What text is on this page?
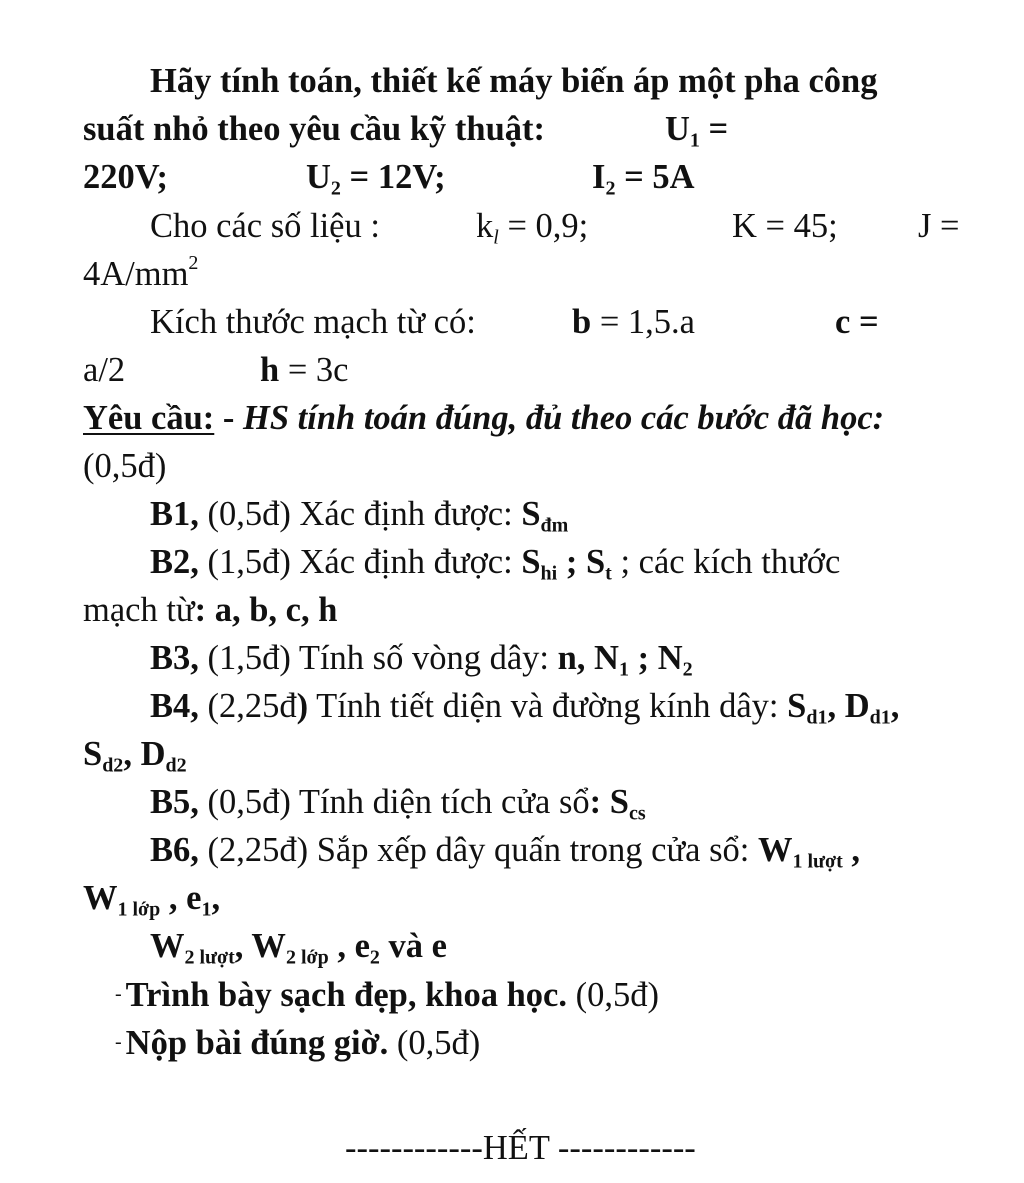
Hãy tính toán, thiết kế máy biến áp một pha công
suất nhỏ theo yêu cầu kỹ thuật:	$U_1$ =
220V;	$U_2 = 12V$;	$I_2 = 5A$
Cho các số liệu :	$k_l = 0,9$;	K = 45; J =
$4A/mm^2$
Kích thước mạch từ có:	b = 1,5.a	c =
a/2	h = 3c
Yêu cầu: - HS tính toán đúng, đủ theo các bước đã học:
(0,5đ)
B1, (0,5đ) Xác định được: $S_{đm}$
B2, (1,5đ) Xác định được: $S_{hi}$ ; $S_t$ ; các kích thước
mạch từ: a, b, c, h
B3, (1,5đ) Tính số vòng dây: n, $N_1$ ; $N_2$
B4, (2,25đ) Tính tiết diện và đường kính dây: $S_{d1}$, $D_{d1}$,
$S_{d2}$, $D_{d2}$
B5, (0,5đ) Tính diện tích cửa sổ: $S_{cs}$
B6, (2,25đ) Sắp xếp dây quấn trong cửa sổ: $W_{1 lượt}$ ,
$W_{1 lớp}$ , $e_1$,
$W_{2 lượt}$, $W_{2 lớp}$ , $e_2$ và e
- Trình bày sạch đẹp, khoa học. (0,5đ)
- Nộp bài đúng giờ. (0,5đ)
------------HẾT ------------
